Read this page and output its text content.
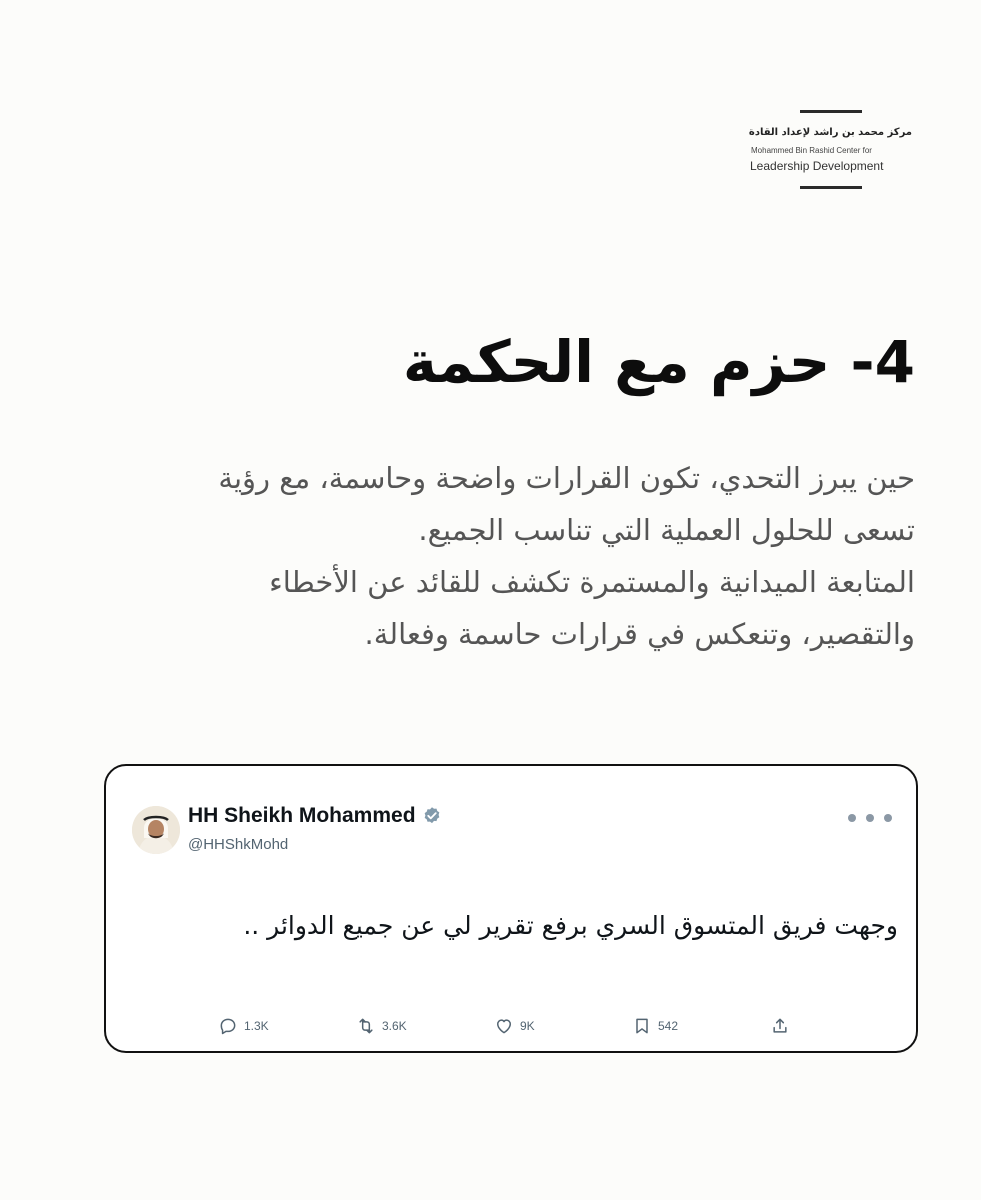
مركز محمد بن راشد لإعداد القادة
Mohammed Bin Rashid Center for
Leadership Development
4- حزم مع الحكمة

حين يبرز التحدي، تكون القرارات واضحة وحاسمة، مع رؤية

تسعى للحلول العملية التي تناسب الجميع.

المتابعة الميدانية والمستمرة تكشف للقائد عن الأخطاء

والتقصير، وتنعكس في قرارات حاسمة وفعالة.

HH Sheikh Mohammed
@HHShkMohd
وجهت فريق المتسوق السري برفع تقرير لي عن جميع الدوائر ..
1.3K	3.6K	9K	542
